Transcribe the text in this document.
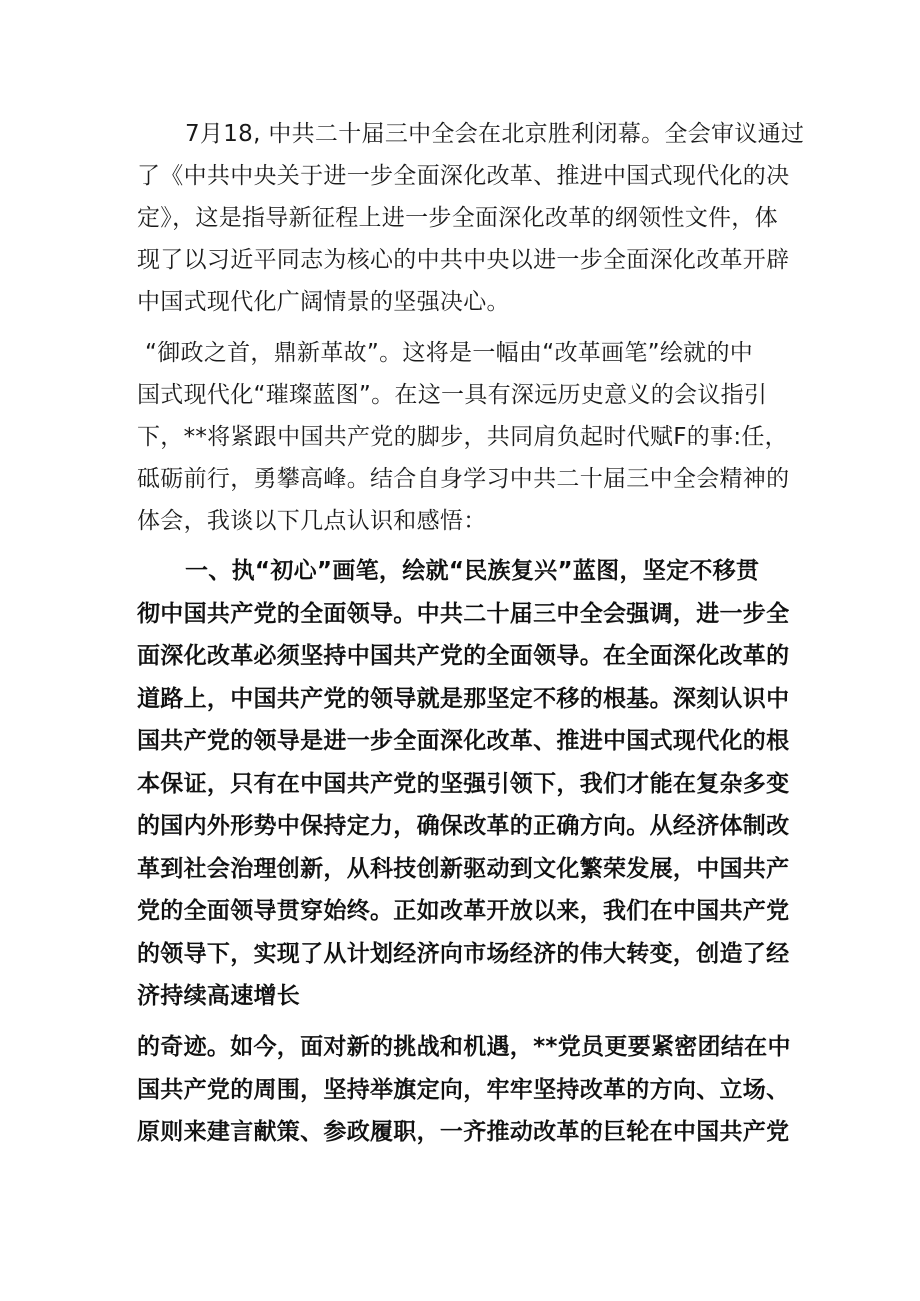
7月18, 中共二十届三中全会在北京胜利闭幕。全会审议通过
了《中共中央关于进一步全面深化改革、推进中国式现代化的决
定》，这是指导新征程上进一步全面深化改革的纲领性文件，体
现了以习近平同志为核心的中共中央以进一步全面深化改革开辟
中国式现代化广阔情景的坚强决心。
“御政之首，鼎新革故”。这将是一幅由“改革画笔”绘就的中
国式现代化“璀璨蓝图”。在这一具有深远历史意义的会议指引
下，**将紧跟中国共产党的脚步，共同肩负起时代赋F的事:任，
砥砺前行，勇攀高峰。结合自身学习中共二十届三中全会精神的
体会，我谈以下几点认识和感悟：
一、执“初心”画笔，绘就“民族复兴”蓝图，坚定不移贯
彻中国共产党的全面领导。中共二十届三中全会强调，进一步全
面深化改革必须坚持中国共产党的全面领导。在全面深化改革的
道路上，中国共产党的领导就是那坚定不移的根基。深刻认识中
国共产党的领导是进一步全面深化改革、推进中国式现代化的根
本保证，只有在中国共产党的坚强引领下，我们才能在复杂多变
的国内外形势中保持定力，确保改革的正确方向。从经济体制改
革到社会治理创新，从科技创新驱动到文化繁荣发展，中国共产
党的全面领导贯穿始终。正如改革开放以来，我们在中国共产党
的领导下，实现了从计划经济向市场经济的伟大转变，创造了经
济持续高速增长
的奇迹。如今，面对新的挑战和机遇，**党员更要紧密团结在中
国共产党的周围，坚持举旗定向，牢牢坚持改革的方向、立场、
原则来建言献策、参政履职，一齐推动改革的巨轮在中国共产党
